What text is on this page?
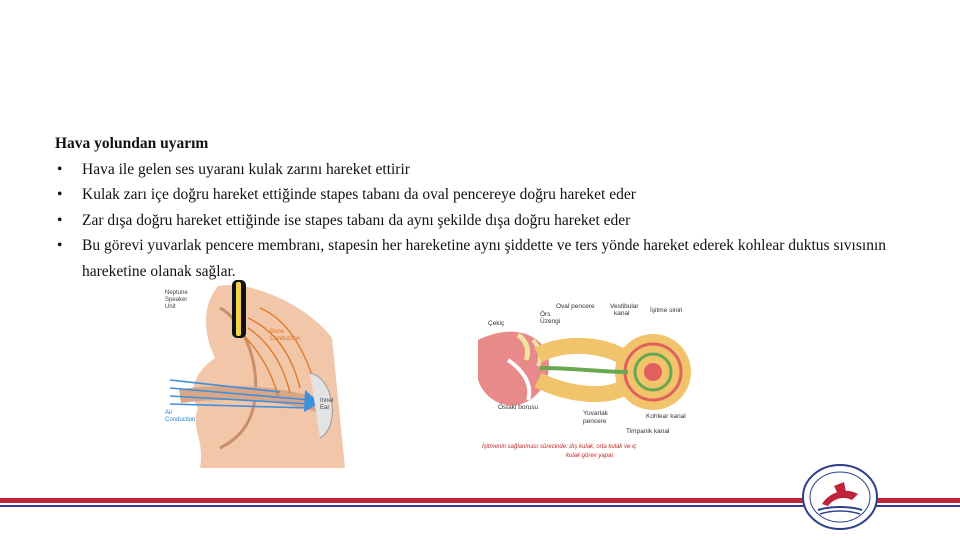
Hava yolundan uyarım
• Hava ile gelen ses uyaranı kulak zarını hareket ettirir
• Kulak zarı içe doğru hareket ettiğinde stapes tabanı da oval pencereye doğru hareket eder
• Zar dışa doğru hareket ettiğinde ise stapes tabanı da aynı şekilde dışa doğru hareket eder
• Bu görevi yuvarlak pencere membranı, stapesin her hareketine aynı şiddette ve ters yönde hareket ederek kohlear duktus sıvısının hareketine olanak sağlar.
Neptune
Speaker
Unit
Bone
Conduction
Inner
Ear
Air
Conduction
Oval pencere
Örs
Üzengi
Vestibular
kanal	İşitme siniri
Çekiç
Östaki borusu
Yuvarlak
pencere
Kohlear kanal
Timpanik kanal
İşitmenin sağlanması sürecinde: dış kulak, orta kulak ve iç
kulak görev yapar.
